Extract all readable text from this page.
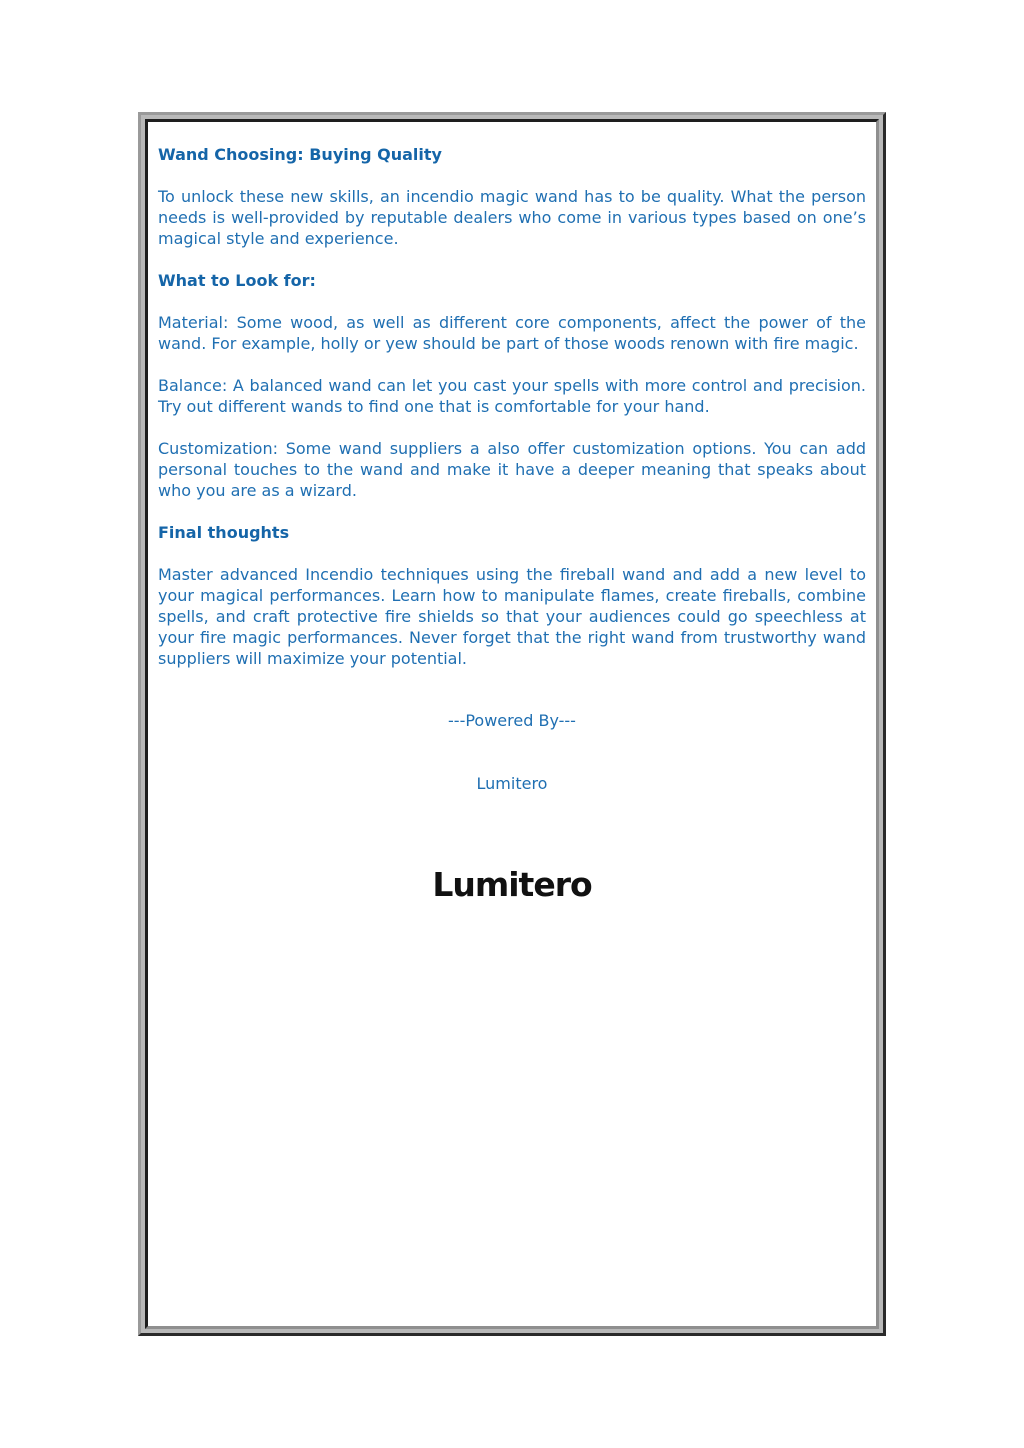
Wand Choosing: Buying Quality

To unlock these new skills, an incendio magic wand has to be quality. What the person needs is well-provided by reputable dealers who come in various types based on one’s magical style and experience.

What to Look for:

Material: Some wood, as well as different core components, affect the power of the wand. For example, holly or yew should be part of those woods renown with fire magic.

Balance: A balanced wand can let you cast your spells with more control and precision. Try out different wands to find one that is comfortable for your hand.

Customization: Some wand suppliers a also offer customization options. You can add personal touches to the wand and make it have a deeper meaning that speaks about who you are as a wizard.

Final thoughts

Master advanced Incendio techniques using the fireball wand and add a new level to your magical performances. Learn how to manipulate flames, create fireballs, combine spells, and craft protective fire shields so that your audiences could go speechless at your fire magic performances. Never forget that the right wand from trustworthy wand suppliers will maximize your potential.

---Powered By---
Lumitero
Lumitero
